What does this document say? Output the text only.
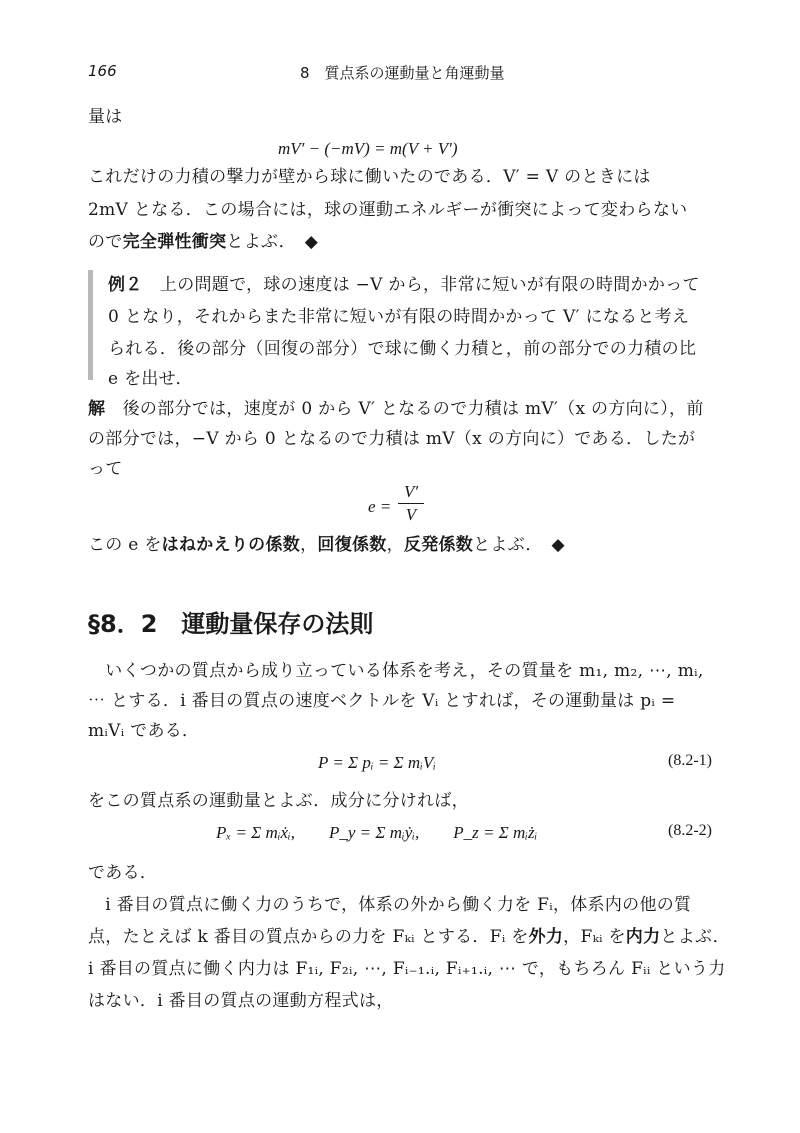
166	8　質点系の運動量と角運動量
量は
mV′ − (−mV) = m(V + V′)
これだけの力積の撃力が壁から球に働いたのである．V′ = V のときには
2mV となる．この場合には，球の運動エネルギーが衝突によって変わらない
ので完全弾性衝突とよぶ．　◆
例２　上の問題で，球の速度は −V から，非常に短いが有限の時間かかって
0 となり，それからまた非常に短いが有限の時間かかって V′ になると考え
られる．後の部分（回復の部分）で球に働く力積と，前の部分での力積の比
e を出せ．
解　後の部分では，速度が 0 から V′ となるので力積は mV′（x の方向に），前
の部分では，−V から 0 となるので力積は mV（x の方向に）である．したが
って
e =
V′
V
この e をはねかえりの係数，回復係数，反発係数とよぶ．　◆
§8．2　運動量保存の法則
　いくつかの質点から成り立っている体系を考え，その質量を m₁, m₂, ⋯, mᵢ,
⋯ とする．i 番目の質点の速度ベクトルを Vᵢ とすれば，その運動量は pᵢ =
mᵢVᵢ である．
P = Σ pᵢ = Σ mᵢVᵢ	(8.2‑1)
をこの質点系の運動量とよぶ．成分に分ければ，
Pₓ = Σ mᵢẋᵢ,　　P_y = Σ mᵢẏᵢ,　　P_z = Σ mᵢżᵢ	(8.2‑2)
である．
　i 番目の質点に働く力のうちで，体系の外から働く力を Fᵢ，体系内の他の質
点，たとえば k 番目の質点からの力を Fₖᵢ とする．Fᵢ を外力，Fₖᵢ を内力とよぶ．
i 番目の質点に働く内力は F₁ᵢ, F₂ᵢ, ⋯, Fᵢ₋₁.ᵢ, Fᵢ₊₁.ᵢ, ⋯ で，もちろん Fᵢᵢ という力
はない．i 番目の質点の運動方程式は，
